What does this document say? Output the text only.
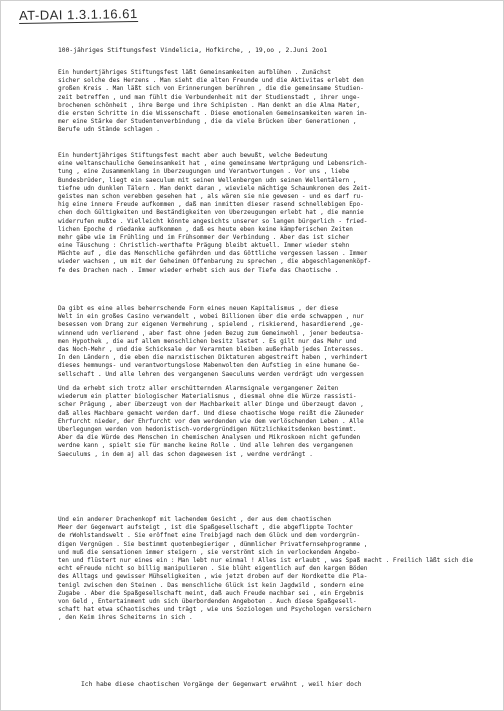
AT-DAI 1.3.1.16.61
100-jähriges Stiftungsfest Vindelicia, Hofkirche, , 19,oo , 2.Juni 2oo1
Ein hundertjähriges Stiftungsfest läßt Gemeinsamkeiten aufblühen . Zunächst
sicher solche des Herzens . Man sieht die alten Freunde und die Aktivitas erlebt den
großen Kreis . Man läßt sich von Erinnerungen berühren , die die gemeinsame Studien-
zeit betreffen , und man fühlt die Verbundenheit mit der Studienstadt , ihrer unge-
brochenen schönheit , ihre Berge und ihre Schipisten . Man denkt an die Alma Mater,
die ersten Schritte in die Wissenschaft . Diese emotionalen Gemeinsamkeiten waren im-
mer eine Stärke der Studentenverbindung , die da viele Brücken über Generationen ,
Berufe udn Stände schlagen .
Ein hundertjähriges Stiftungsfest macht aber auch bewußt, welche Bedeutung
eine weltanschauliche Gemeinsamkeit hat , eine gemeinsame Wertprägung und Lebensrich-
tung , eine Zusammenklang in Überzeugungen und Verantwortungen . Vor uns , liebe
Bundesbrüder, liegt ein saeculum mit seinen Wellenbergen udn seinen Wellentälern ,
tiefne udn dunklen Tälern . Man denkt daran , wieviele mächtige Schaumkronen des Zeit-
geistes man schon verebben gesehen hat , als wären sie nie gewesen - und es darf ru-
hig eine innere Freude aufkommen , daß man inmitten dieser rasend schnellebigen Epo-
chen doch Gültigkeiten und Beständigkeiten von Überzeugungen erlebt hat , die mannie
widerrufen mußte . Vielleicht könnte angesichts unserer so langen bürgerlich - fried-
lichen Epoche d rGedanke aufkommen , daß es heute eben keine kämpferischen Zeiten
mehr gäbe wie im Frühling und im Frühsommer der Verbindung . Aber das ist sicher
eine Täuschung : Christlich-werthafte Prägung bleibt aktuell. Immer wieder stehn
Mächte auf , die das Menschliche gefährden und das Göttliche vergessen lassen . Immer
wieder wachsen , um mit der Geheimen Offenbarung zu sprechen , die abgeschlagenenköpf-
fe des Drachen nach . Immer wieder erhebt sich aus der Tiefe das Chaotische .
Da gibt es eine alles beherrschende Form eines neuen Kapitalismus , der diese
Welt in ein großes Casino verwandelt , wobei Billionen über die erde schwappen , nur
besessen vom Drang zur eigenen Vermehrung , spielend , riskierend, hasardierend ,ge-
winnend udn verlierend , aber fast ohne jeden Bezug zum Gemeinwohl , jener bedeutsa-
men Hypothek , die auf allem menschlichen besitz lastet . Es gilt nur das Mehr und
das Noch-Mehr , und die Schicksale der Verarmten bleiben außerhalb jedes Interesses.
In den Ländern , die eben die marxistischen Diktaturen abgestreift haben , verhindert
dieses hemmungs- und verantwortungslose Mabenwolten den Aufstieg in eine humane Ge-
sellschaft . Und alle lehren des vergangenen Saeculums werden verdrägt udn vergessen
Und da erhebt sich trotz aller erschütternden Alarmsignale vergangener Zeiten
wiederum ein platter biologischer Materialismus , diesmal ohne die Würze rassisti-
scher Prägung , aber überzeugt von der Machbarkeit aller Dinge und überzeugt davon ,
daß alles Machbare gemacht werden darf. Und diese chaotische Woge reißt die Zäuneder
Ehrfurcht nieder, der Ehrfurcht vor dem werdenden wie dem verlöschenden Leben . Alle
Überlegungen werden von hedonistisch-vordergründigen Nützlichkeitsdenken bestimmt.
Aber da die Würde des Menschen in chemischen Analysen und Mikroskoen nicht gefunden
werdne kann , spielt sie für manche keine Rolle . Und alle lehren des vergangenen
Saeculums , in dem aj all das schon dagewesen ist , werdne verdrängt .
Und ein anderer Drachenkopf mit lachendem Gesicht , der aus dem chaotischen
Meer der Gegenwart aufsteigt , ist die Spaßgesellschaft , die abgeflippte Tochter
de rWohlstandswelt . Sie eröffnet eine Treibjagd nach dem Glück und dem vordergrün-
digen Vergnügen . Sie bestimmt quotenbegieriger , dümmlicher Privatfernsehprogramme ,
und muß die sensationen immer steigern , sie verströmt sich in verlockendem Angebo-
ten und flüstert nur eines ein : Man lebt nur einmal ! Alles ist erlaubt , was Spaß macht . Freilich läßt sich die
echt eFreude nicht so billig manipulieren . Sie blüht eigentlich auf den kargen Böden
des Alltags und gewisser Mühseligkeiten , wie jetzt droben auf der Nordkette die Pla-
tenigl zwischen den Steinen . Das menschliche Glück ist kein Jagdwild , sondern eine
Zugabe . Aber die Spaßgesellschaft meint, daß auch Freude machbar sei , ein Ergebnis
von Geld , Entertainment udn sich überbordenden Angeboten . Auch diese Spaßgesell-
schaft hat etwa sChaotisches und trägt , wie uns Soziologen und Psychologen versichern
, den Keim ihres Scheiterns in sich .
Ich habe diese chaotischen Vorgänge der Gegenwart erwähnt , weil hier doch
